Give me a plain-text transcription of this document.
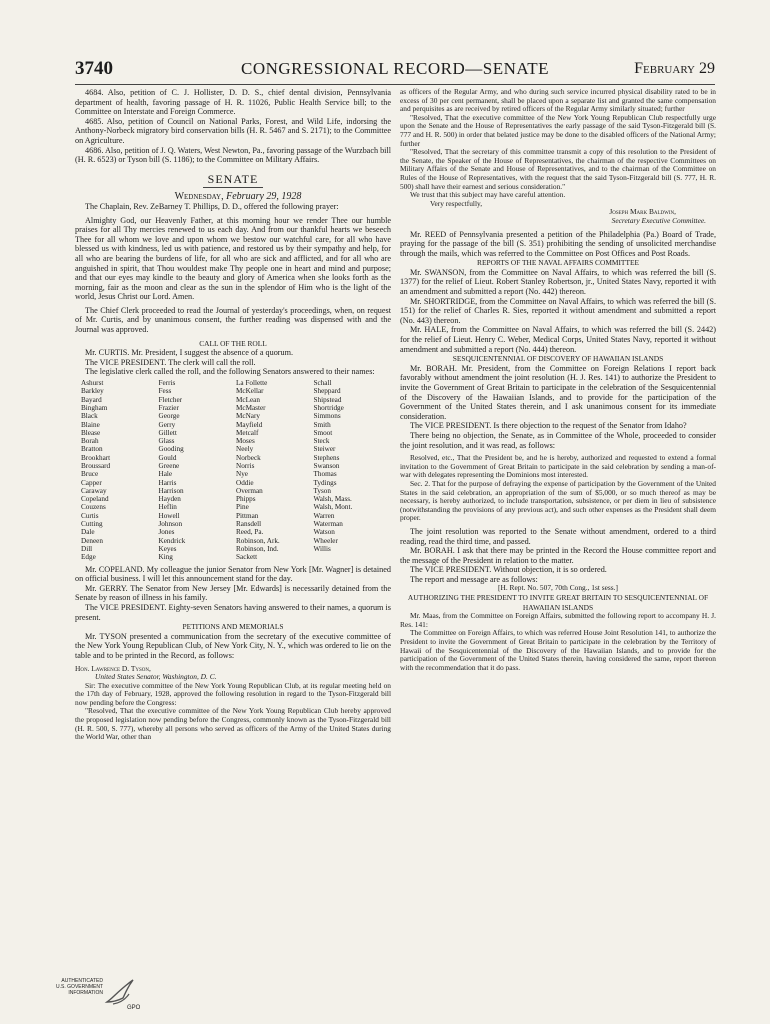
3740	CONGRESSIONAL RECORD—SENATE	February 29

4684. Also, petition of C. J. Hollister, D. D. S., chief dental division, Pennsylvania department of health, favoring passage of H. R. 11026, Public Health Service bill; to the Committee on Interstate and Foreign Commerce.

4685. Also, petition of Council on National Parks, Forest, and Wild Life, indorsing the Anthony-Norbeck migratory bird conservation bills (H. R. 5467 and S. 2171); to the Committee on Agriculture.

4686. Also, petition of J. Q. Waters, West Newton, Pa., favoring passage of the Wurzbach bill (H. R. 6523) or Tyson bill (S. 1186); to the Committee on Military Affairs.

SENATE

Wednesday, February 29, 1928

The Chaplain, Rev. ZeBarney T. Phillips, D. D., offered the following prayer:

Almighty God, our Heavenly Father, at this morning hour we render Thee our humble praises for all Thy mercies renewed to us each day. And from our thankful hearts we beseech Thee for all whom we love and upon whom we bestow our watchful care, for all who have blessed us with kindness, led us with patience, and restored us by their sympathy and help, for all who are bearing the burdens of life, for all who are sick and afflicted, and for all who are anguished in spirit, that Thou wouldest make Thy people one in heart and mind and purpose; and that our eyes may kindle to the beauty and glory of America when she looks forth as the morning, fair as the moon and clear as the sun in the splendor of Him who is the light of the world, Jesus Christ our Lord. Amen.

The Chief Clerk proceeded to read the Journal of yesterday's proceedings, when, on request of Mr. Curtis, and by unanimous consent, the further reading was dispensed with and the Journal was approved.

CALL OF THE ROLL

Mr. CURTIS. Mr. President, I suggest the absence of a quorum.

The VICE PRESIDENT. The clerk will call the roll.

The legislative clerk called the roll, and the following Senators answered to their names:

Ashurst
Barkley
Bayard
Bingham
Black
Blaine
Blease
Borah
Bratton
Brookhart
Broussard
Bruce
Capper
Caraway
Copeland
Couzens
Curtis
Cutting
Dale
Deneen
Dill
Edge
Ferris
Fess
Fletcher
Frazier
George
Gerry
Gillett
Glass
Gooding
Gould
Greene
Hale
Harris
Harrison
Hayden
Heflin
Howell
Johnson
Jones
Kendrick
Keyes
King
La Follette
McKellar
McLean
McMaster
McNary
Mayfield
Metcalf
Moses
Neely
Norbeck
Norris
Nye
Oddie
Overman
Phipps
Pine
Pittman
Ransdell
Reed, Pa.
Robinson, Ark.
Robinson, Ind.
Sackett
Schall
Sheppard
Shipstead
Shortridge
Simmons
Smith
Smoot
Steck
Steiwer
Stephens
Swanson
Thomas
Tydings
Tyson
Walsh, Mass.
Walsh, Mont.
Warren
Waterman
Watson
Wheeler
Willis

Mr. COPELAND. My colleague the junior Senator from New York [Mr. Wagner] is detained on official business. I will let this announcement stand for the day.

Mr. GERRY. The Senator from New Jersey [Mr. Edwards] is necessarily detained from the Senate by reason of illness in his family.

The VICE PRESIDENT. Eighty-seven Senators having answered to their names, a quorum is present.

PETITIONS AND MEMORIALS

Mr. TYSON presented a communication from the secretary of the executive committee of the New York Young Republican Club, of New York City, N. Y., which was ordered to lie on the table and to be printed in the Record, as follows:

Hon. Lawrence D. Tyson,

United States Senator, Washington, D. C.

Sir: The executive committee of the New York Young Republican Club, at its regular meeting held on the 17th day of February, 1928, approved the following resolution in regard to the Tyson-Fitzgerald bill now pending before the Congress:

"Resolved, That the executive committee of the New York Young Republican Club hereby approved the proposed legislation now pending before the Congress, commonly known as the Tyson-Fitzgerald bill (H. R. 500, S. 777), whereby all persons who served as officers of the Army of the United States during the World War, other than

as officers of the Regular Army, and who during such service incurred physical disability rated to be in excess of 30 per cent permanent, shall be placed upon a separate list and granted the same compensation and perquisites as are received by retired officers of the Regular Army similarly situated; further

"Resolved, That the executive committee of the New York Young Republican Club respectfully urge upon the Senate and the House of Representatives the early passage of the said Tyson-Fitzgerald bill (S. 777 and H. R. 500) in order that belated justice may be done to the disabled officers of the National Army; further

"Resolved, That the secretary of this committee transmit a copy of this resolution to the President of the Senate, the Speaker of the House of Representatives, the chairman of the respective Committees on Military Affairs of the Senate and House of Representatives, and to the chairman of the Committee on Rules of the House of Representatives, with the request that the said Tyson-Fitzgerald bill (S. 777, H. R. 500) shall have their earnest and serious consideration."

We trust that this subject may have careful attention.

Very respectfully,

Joseph Mark Baldwin,

Secretary Executive Committee.

Mr. REED of Pennsylvania presented a petition of the Philadelphia (Pa.) Board of Trade, praying for the passage of the bill (S. 351) prohibiting the sending of unsolicited merchandise through the mails, which was referred to the Committee on Post Offices and Post Roads.

REPORTS OF THE NAVAL AFFAIRS COMMITTEE

Mr. SWANSON, from the Committee on Naval Affairs, to which was referred the bill (S. 1377) for the relief of Lieut. Robert Stanley Robertson, jr., United States Navy, reported it with an amendment and submitted a report (No. 442) thereon.

Mr. SHORTRIDGE, from the Committee on Naval Affairs, to which was referred the bill (S. 151) for the relief of Charles R. Sies, reported it without amendment and submitted a report (No. 443) thereon.

Mr. HALE, from the Committee on Naval Affairs, to which was referred the bill (S. 2442) for the relief of Lieut. Henry C. Weber, Medical Corps, United States Navy, reported it without amendment and submitted a report (No. 444) thereon.

SESQUICENTENNIAL OF DISCOVERY OF HAWAIIAN ISLANDS

Mr. BORAH. Mr. President, from the Committee on Foreign Relations I report back favorably without amendment the joint resolution (H. J. Res. 141) to authorize the President to invite the Government of Great Britain to participate in the celebration of the Sesquicentennial of the Discovery of the Hawaiian Islands, and to provide for the participation of the Government of the United States therein, and I ask unanimous consent for its immediate consideration.

The VICE PRESIDENT. Is there objection to the request of the Senator from Idaho?

There being no objection, the Senate, as in Committee of the Whole, proceeded to consider the joint resolution, and it was read, as follows:

Resolved, etc., That the President be, and he is hereby, authorized and requested to extend a formal invitation to the Government of Great Britain to participate in the said celebration by sending a man-of-war with delegates representing the Dominions most interested.

Sec. 2. That for the purpose of defraying the expense of participation by the Government of the United States in the said celebration, an appropriation of the sum of $5,000, or so much thereof as may be necessary, is hereby authorized, to include transportation, subsistence, or per diem in lieu of subsistence (notwithstanding the provisions of any previous act), and such other expenses as the President shall deem proper.

The joint resolution was reported to the Senate without amendment, ordered to a third reading, read the third time, and passed.

Mr. BORAH. I ask that there may be printed in the Record the House committee report and the message of the President in relation to the matter.

The VICE PRESIDENT. Without objection, it is so ordered.

The report and message are as follows:

[H. Rept. No. 507, 70th Cong., 1st sess.]

AUTHORIZING THE PRESIDENT TO INVITE GREAT BRITAIN TO SESQUICENTENNIAL OF HAWAIIAN ISLANDS

Mr. Maas, from the Committee on Foreign Affairs, submitted the following report to accompany H. J. Res. 141:

The Committee on Foreign Affairs, to which was referred House Joint Resolution 141, to authorize the President to invite the Government of Great Britain to participate in the celebration by the Territory of Hawaii of the Sesquicentennial of the Discovery of the Hawaiian Islands, and to provide for the participation of the Government of the United States therein, having considered the same, report thereon with the recommendation that it do pass.

AUTHENTICATED
U.S. GOVERNMENT
INFORMATION
GPO
